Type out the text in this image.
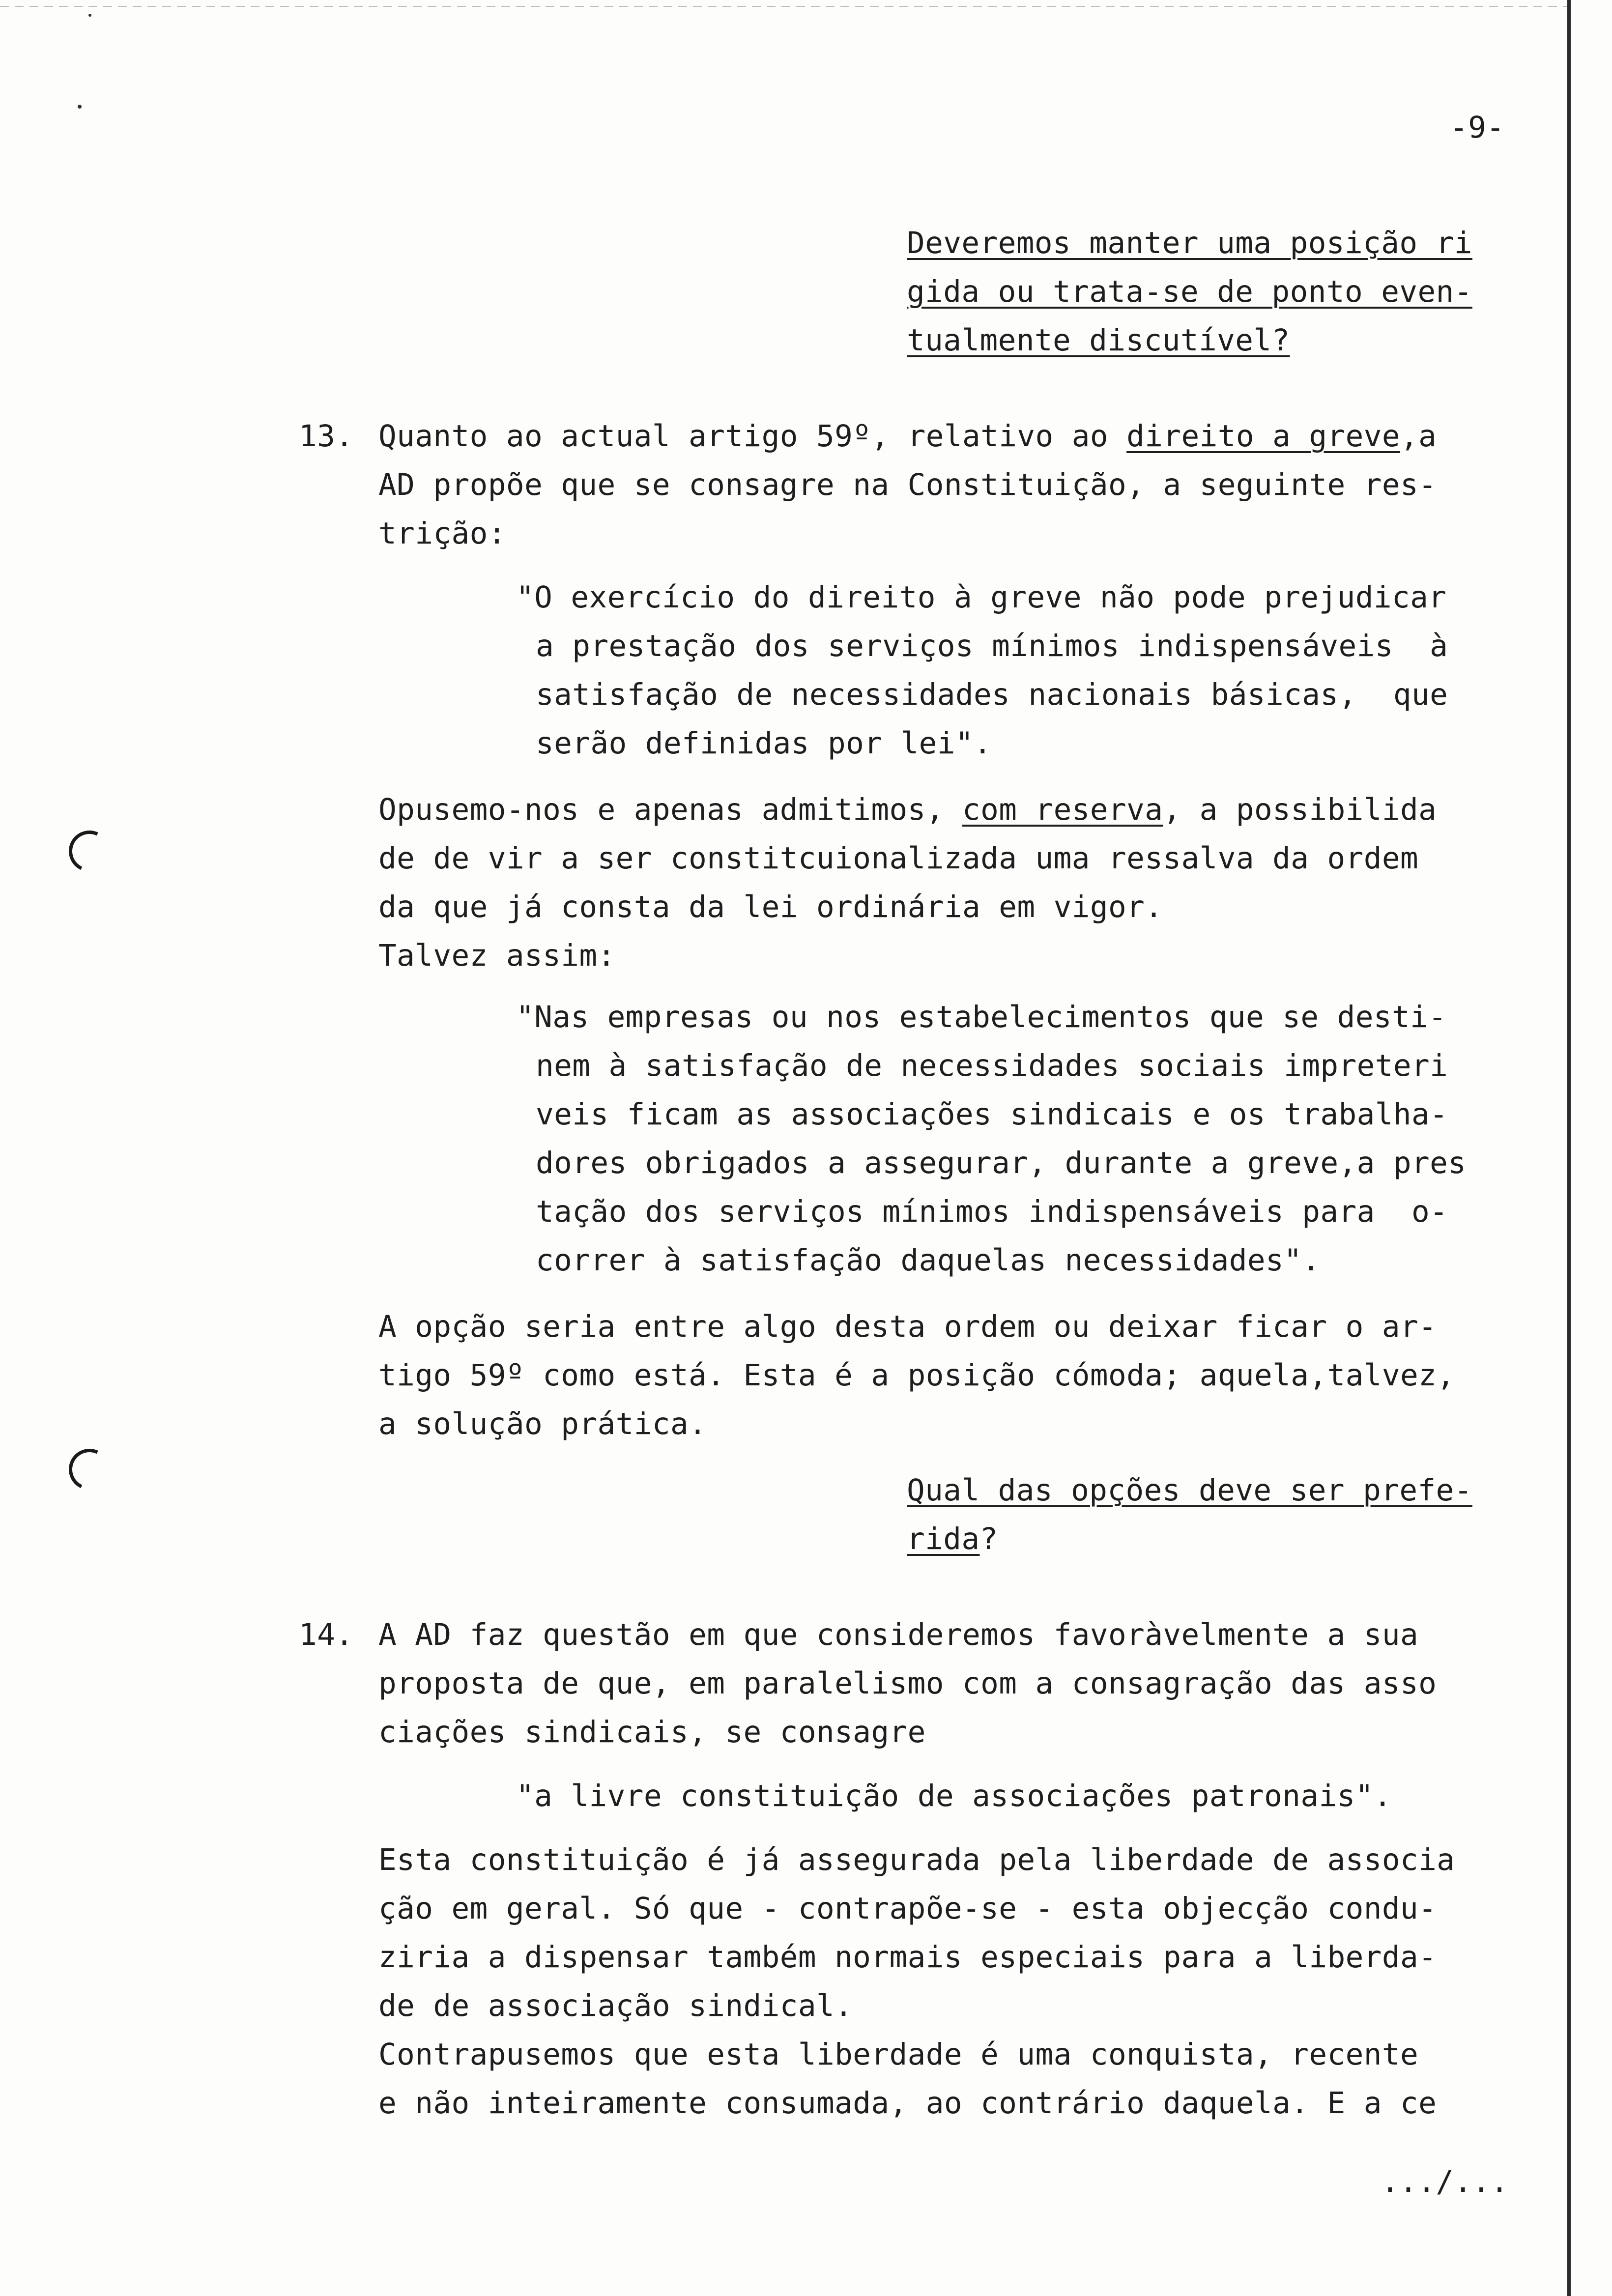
-9-
Deveremos manter uma posição ri
gida ou trata-se de ponto even-
tualmente discutível?
13. Quanto ao actual artigo 59º, relativo ao direito a greve,a
AD propõe que se consagre na Constituição, a seguinte res-
trição:
"O exercício do direito à greve não pode prejudicar
a prestação dos serviços mínimos indispensáveis  à
satisfação de necessidades nacionais básicas,  que
serão definidas por lei".
Opusemo-nos e apenas admitimos, com reserva, a possibilida
de de vir a ser constitcuionalizada uma ressalva da ordem
da que já consta da lei ordinária em vigor.
Talvez assim:
"Nas empresas ou nos estabelecimentos que se desti-
nem à satisfação de necessidades sociais impreteri
veis ficam as associações sindicais e os trabalha-
dores obrigados a assegurar, durante a greve,a pres
tação dos serviços mínimos indispensáveis para  o-
correr à satisfação daquelas necessidades".
A opção seria entre algo desta ordem ou deixar ficar o ar-
tigo 59º como está. Esta é a posição cómoda; aquela,talvez,
a solução prática.
Qual das opções deve ser prefe-
rida?
14. A AD faz questão em que consideremos favoràvelmente a sua
proposta de que, em paralelismo com a consagração das asso
ciações sindicais, se consagre
"a livre constituição de associações patronais".
Esta constituição é já assegurada pela liberdade de associa
ção em geral. Só que - contrapõe-se - esta objecção condu-
ziria a dispensar também normais especiais para a liberda-
de de associação sindical.
Contrapusemos que esta liberdade é uma conquista, recente
e não inteiramente consumada, ao contrário daquela. E a ce
.../...
